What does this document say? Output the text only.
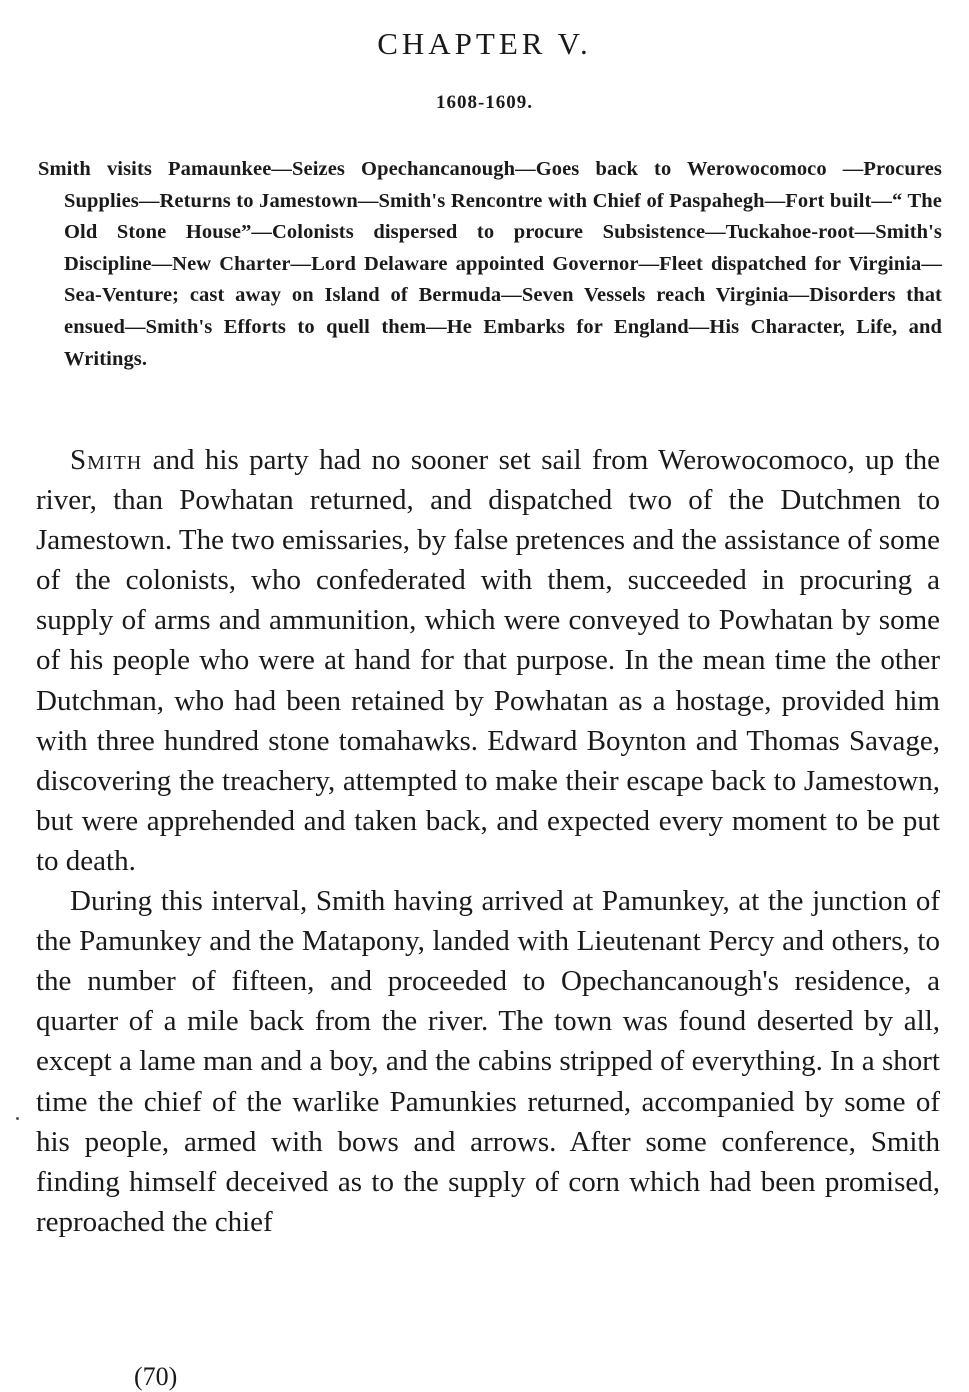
CHAPTER V.
1608-1609.

Smith visits Pamaunkee—Seizes Opechancanough—Goes back to Werowocomoco —Procures Supplies—Returns to Jamestown—Smith's Rencontre with Chief of Paspahegh—Fort built—“ The Old Stone House”—Colonists dispersed to procure Subsistence—Tuckahoe-root—Smith's Discipline—New Charter—Lord Delaware appointed Governor—Fleet dispatched for Virginia—Sea-Venture; cast away on Island of Bermuda—Seven Vessels reach Virginia—Disorders that ensued—Smith's Efforts to quell them—He Embarks for England—His Character, Life, and Writings.

Smith and his party had no sooner set sail from Werowocomoco, up the river, than Powhatan returned, and dispatched two of the Dutchmen to Jamestown. The two emissaries, by false pretences and the assistance of some of the colonists, who confederated with them, succeeded in procuring a supply of arms and ammunition, which were conveyed to Powhatan by some of his people who were at hand for that purpose. In the mean time the other Dutchman, who had been retained by Powhatan as a hostage, provided him with three hundred stone tomahawks. Edward Boynton and Thomas Savage, discovering the treachery, attempted to make their escape back to Jamestown, but were apprehended and taken back, and expected every moment to be put to death.

During this interval, Smith having arrived at Pamunkey, at the junction of the Pamunkey and the Matapony, landed with Lieutenant Percy and others, to the number of fifteen, and proceeded to Opechancanough's residence, a quarter of a mile back from the river. The town was found deserted by all, except a lame man and a boy, and the cabins stripped of everything. In a short time the chief of the warlike Pamunkies returned, accompanied by some of his people, armed with bows and arrows. After some conference, Smith finding himself deceived as to the supply of corn which had been promised, reproached the chief

(70)
